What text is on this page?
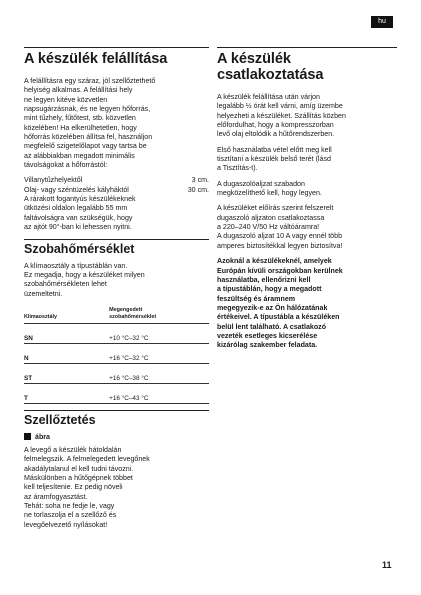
hu
A készülék felállítása

A felállításra egy száraz, jól szellőztethető
helyiség alkalmas. A felállítási hely
ne legyen kitéve közvetlen
napsugárzásnak, és ne legyen hőforrás,
mint tűzhely, fűtőtest, stb. közvetlen
közelében! Ha elkerülhetetlen, hogy
hőforrás közelében állítsa fel, használjon
megfelelő szigetelőlapot vagy tartsa be
az alábbiakban megadott minimális
távolságokat a hőforrástól:

Villanytűzhelyektől	3 cm.
Olaj- vagy széntüzelés kályháktól	30 cm.

A rárakott fogantyús készülékeknek
ütközési oldalon legalább 55 mm
faltávolságra van szükségük, hogy
az ajtót 90°-ban ki lehessen nyitni.

Szobahőmérséklet

A klímaosztály a típustáblán van.
Ez megadja, hogy a készüléket milyen
szobahőmérsékleten lehet
üzemeltetni.

Klímaosztály	Megengedett
szobahőmérséklet
SN	+10 °C–32 °C
N	+16 °C–32 °C
ST	+16 °C–38 °C
T	+16 °C–43 °C
Szellőztetés
ábra

A levegő a készülék hátoldalán
felmelegszik. A felmelegedett levegőnek
akadálytalanul el kell tudni távozni.
Máskülönben a hűtőgépnek többet
kell teljesítenie. Ez pedig növeli
az áramfogyasztást.
Tehát: soha ne fedje le, vagy
ne torlaszolja el a szellőző és
levegőelvezető nyílásokat!

A készülék
csatlakoztatása

A készülék felállítása után várjon
legalább ½ órát kell várni, amíg üzembe
helyezheti a készüléket. Szállítás közben
előfordulhat, hogy a kompresszorban
levő olaj eltolódik a hűtőrendszerben.

Első használatba vétel előtt meg kell
tisztítani a készülék belső terét (lásd
a Tisztítás-t).

A dugaszolóaljzat szabadon
megközelíthető kell, hogy legyen.

A készüléket előírás szerint felszerelt
dugaszoló aljzaton csatlakoztassa
a 220–240 V/50 Hz váltóáramra!
A dugaszoló aljzat 10 A vagy ennél több
amperes biztosítékkal legyen biztosítva!

Azoknál a készülékeknél, amelyek
Európán kívüli országokban kerülnek
használatba, ellenőrizni kell
a típustáblán, hogy a megadott
feszültség és áramnem
megegyezik-e az Ön hálózatának
értékeivel. A típustábla a készüléken
belül lent található. A csatlakozó
vezeték esetleges kicserélése
kizárólag szakember feladata.

11
